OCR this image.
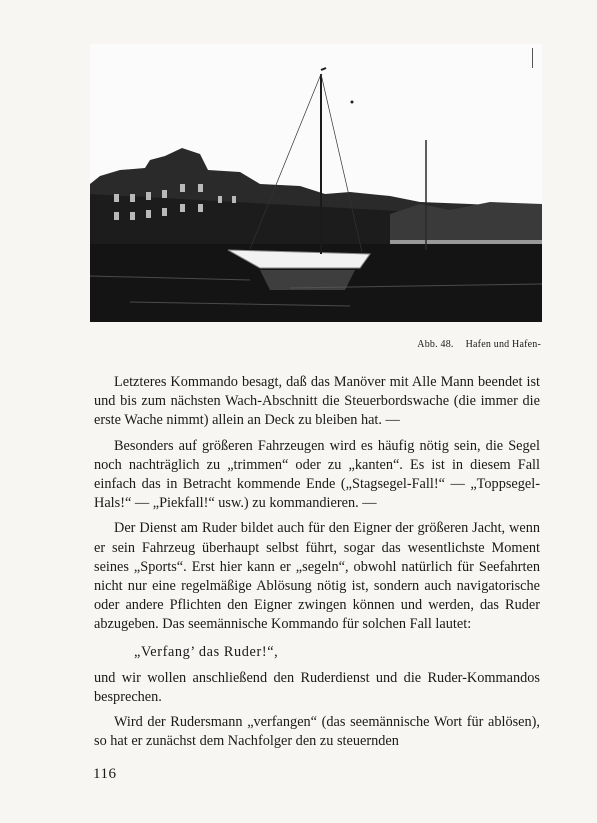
Abb. 48. Hafen und Hafen-

Letzteres Kommando besagt, daß das Manöver mit Alle Mann beendet ist und bis zum nächsten Wach-Abschnitt die Steuerbordswache (die immer die erste Wache nimmt) allein an Deck zu bleiben hat. —

Besonders auf größeren Fahrzeugen wird es häufig nötig sein, die Segel noch nachträglich zu „trimmen“ oder zu „kanten“. Es ist in diesem Fall einfach das in Betracht kommende Ende („Stagsegel-Fall!“ — „Toppsegel-Hals!“ — „Piekfall!“ usw.) zu kommandieren. —

Der Dienst am Ruder bildet auch für den Eigner der größeren Jacht, wenn er sein Fahrzeug überhaupt selbst führt, sogar das wesentlichste Moment seines „Sports“. Erst hier kann er „segeln“, obwohl natürlich für Seefahrten nicht nur eine regelmäßige Ablösung nötig ist, sondern auch navigatorische oder andere Pflichten den Eigner zwingen können und werden, das Ruder abzugeben. Das seemännische Kommando für solchen Fall lautet:

„Verfang’ das Ruder!“,

und wir wollen anschließend den Ruderdienst und die Ruder-Kommandos besprechen.

Wird der Rudersmann „verfangen“ (das seemännische Wort für ablösen), so hat er zunächst dem Nachfolger den zu steuernden

116
